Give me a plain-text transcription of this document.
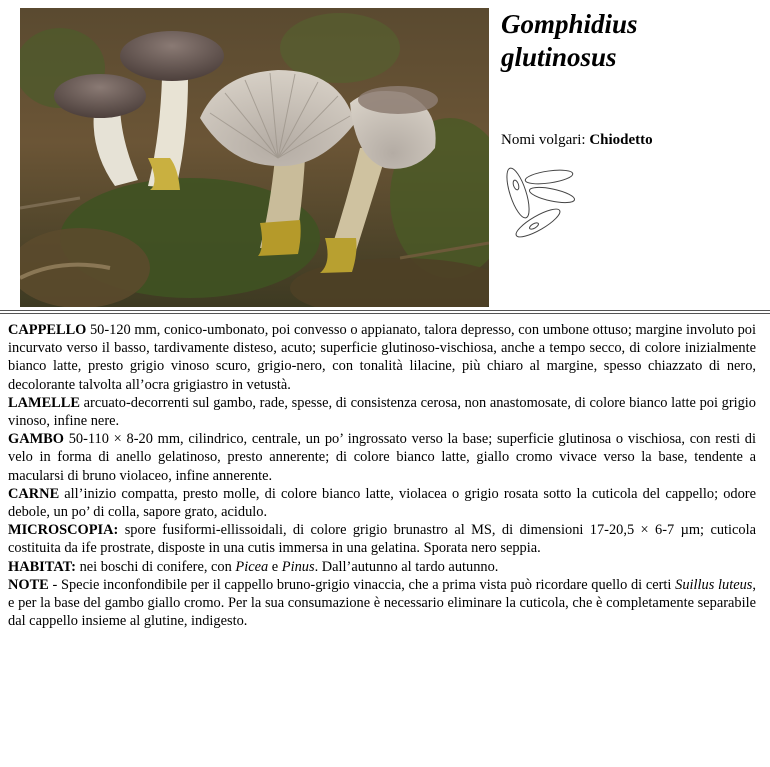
Gomphidius
glutinosus
Nomi volgari: Chiodetto

CAPPELLO 50-120 mm, conico-umbonato, poi convesso o appianato, talora depresso, con umbone ottuso; margine involuto poi incurvato verso il basso, tardivamente disteso, acuto; superficie glutinoso-vischiosa, anche a tempo secco, di colore inizialmente bianco latte, presto grigio vinoso scuro, grigio-nero, con tonalità lilacine, più chiaro al margine, spesso chiazzato di nero, decolorante talvolta all’ocra grigiastro in vetustà.

LAMELLE arcuato-decorrenti sul gambo, rade, spesse, di consistenza cerosa, non anastomosate, di colore bianco latte poi grigio vinoso, infine nere.

GAMBO 50-110 × 8-20 mm, cilindrico, centrale, un po’ ingrossato verso la base; superficie glutinosa o vischiosa, con resti di velo in forma di anello gelatinoso, presto annerente; di colore bianco latte, giallo cromo vivace verso la base, tendente a macularsi di bruno violaceo, infine annerente.

CARNE all’inizio compatta, presto molle, di colore bianco latte, violacea o grigio rosata sotto la cuticola del cappello; odore debole, un po’ di colla, sapore grato, acidulo.

MICROSCOPIA: spore fusiformi-ellissoidali, di colore grigio brunastro al MS, di dimensioni 17-20,5 × 6-7 µm; cuticola costituita da ife prostrate, disposte in una cutis immersa in una gelatina. Sporata nero seppia.

HABITAT: nei boschi di conifere, con Picea e Pinus. Dall’autunno al tardo autunno.

NOTE - Specie inconfondibile per il cappello bruno-grigio vinaccia, che a prima vista può ricordare quello di certi Suillus luteus, e per la base del gambo giallo cromo. Per la sua consumazione è necessario eliminare la cuticola, che è completamente separabile dal cappello insieme al glutine, indigesto.
